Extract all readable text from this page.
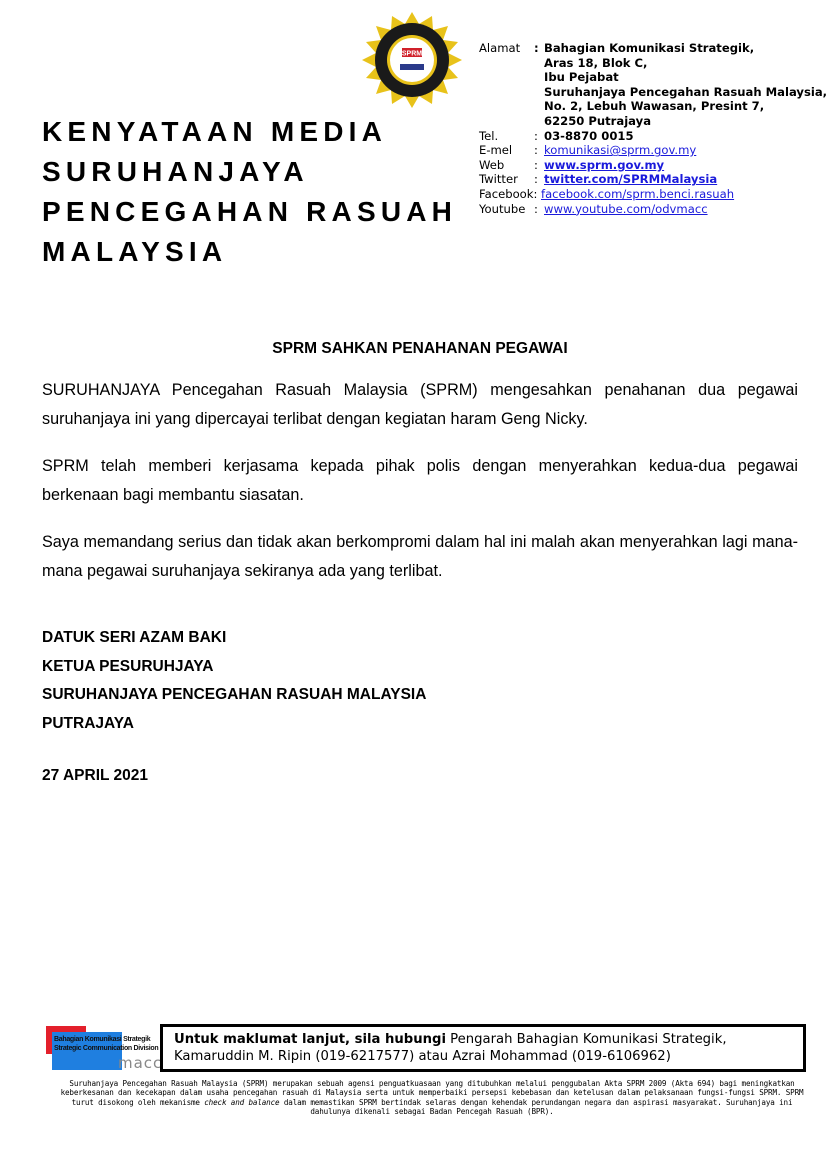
KENYATAAN MEDIA
SURUHANJAYA
PENCEGAHAN RASUAH
MALAYSIA
SPRM	Alamat	: Bahagian Komunikasi Strategik,
Aras 18, Blok C,
Ibu Pejabat
Suruhanjaya Pencegahan Rasuah Malaysia,
No. 2, Lebuh Wawasan, Presint 7,
62250 Putrajaya
Tel.	: 03-8870 0015
E-mel	: komunikasi@sprm.gov.my
Web	: www.sprm.gov.my
Twitter	: twitter.com/SPRMMalaysia
Facebook: facebook.com/sprm.benci.rasuah
Youtube : www.youtube.com/odvmacc
SPRM SAHKAN PENAHANAN PEGAWAI

SURUHANJAYA Pencegahan Rasuah Malaysia (SPRM) mengesahkan penahanan dua pegawai suruhanjaya ini yang dipercayai terlibat dengan kegiatan haram Geng Nicky.

SPRM telah memberi kerjasama kepada pihak polis dengan menyerahkan kedua-dua pegawai berkenaan bagi membantu siasatan.

Saya memandang serius dan tidak akan berkompromi dalam hal ini malah akan menyerahkan lagi mana-mana pegawai suruhanjaya sekiranya ada yang terlibat.

DATUK SERI AZAM BAKI
KETUA PESURUHJAYA
SURUHANJAYA PENCEGAHAN RASUAH MALAYSIA
PUTRAJAYA
27 APRIL 2021
Bahagian Komunikasi Strategik
Strategic Communication Division
macc
Untuk maklumat lanjut, sila hubungi Pengarah Bahagian Komunikasi Strategik,
Kamaruddin M. Ripin (019-6217577) atau Azrai Mohammad (019-6106962)
Suruhanjaya Pencegahan Rasuah Malaysia (SPRM) merupakan sebuah agensi penguatkuasaan yang ditubuhkan melalui penggubalan Akta SPRM 2009 (Akta 694) bagi meningkatkan keberkesanan dan kecekapan dalam usaha pencegahan rasuah di Malaysia serta untuk memperbaiki persepsi kebebasan dan ketelusan dalam pelaksanaan fungsi-fungsi SPRM. SPRM turut disokong oleh mekanisme check and balance dalam memastikan SPRM bertindak selaras dengan kehendak perundangan negara dan aspirasi masyarakat. Suruhanjaya ini dahulunya dikenali sebagai Badan Pencegah Rasuah (BPR).
